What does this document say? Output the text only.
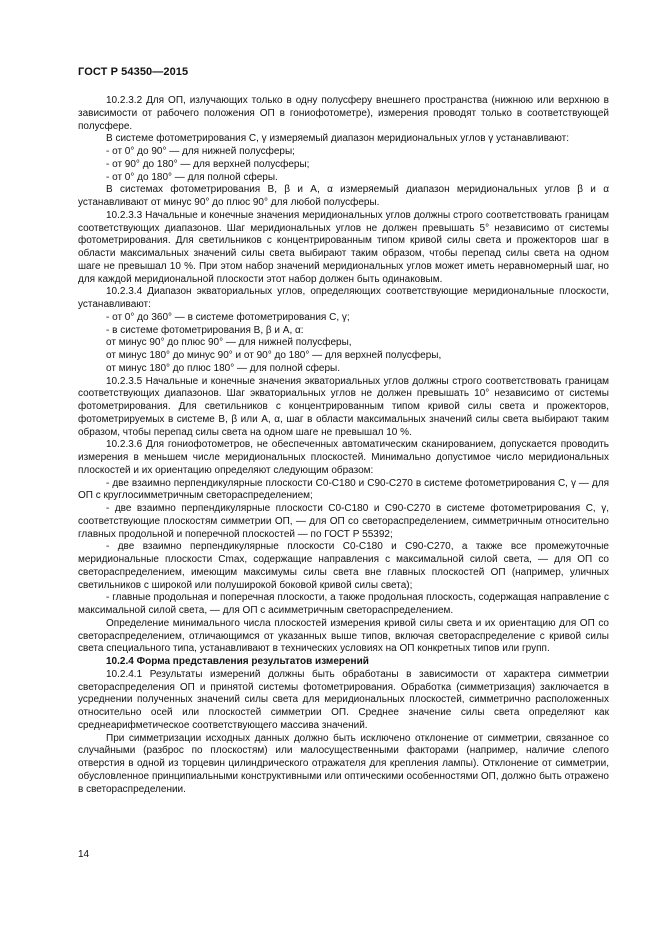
ГОСТ Р 54350—2015

10.2.3.2 Для ОП, излучающих только в одну полусферу внешнего пространства (нижнюю или верхнюю в зависимости от рабочего положения ОП в гониофотометре), измерения проводят только в соответствующей полусфере.

В системе фотометрирования C, γ измеряемый диапазон меридиональных углов γ устанавливают:

- от 0° до 90° — для нижней полусферы;

- от 90° до 180° — для верхней полусферы;

- от 0° до 180° — для полной сферы.

В системах фотометрирования B, β и A, α измеряемый диапазон меридиональных углов β и α устанавливают от минус 90° до плюс 90° для любой полусферы.

10.2.3.3 Начальные и конечные значения меридиональных углов должны строго соответствовать границам соответствующих диапазонов. Шаг меридиональных углов не должен превышать 5° независимо от системы фотометрирования. Для светильников с концентрированным типом кривой силы света и прожекторов шаг в области максимальных значений силы света выбирают таким образом, чтобы перепад силы света на одном шаге не превышал 10 %. При этом набор значений меридиональных углов может иметь неравномерный шаг, но для каждой меридиональной плоскости этот набор должен быть одинаковым.

10.2.3.4 Диапазон экваториальных углов, определяющих соответствующие меридиональные плоскости, устанавливают:

- от 0° до 360° — в системе фотометрирования C, γ;

- в системе фотометрирования B, β и A, α:

от минус 90° до плюс 90° — для нижней полусферы,

от минус 180° до минус 90° и от 90° до 180° — для верхней полусферы,

от минус 180° до плюс 180° — для полной сферы.

10.2.3.5 Начальные и конечные значения экваториальных углов должны строго соответствовать границам соответствующих диапазонов. Шаг экваториальных углов не должен превышать 10° независимо от системы фотометрирования. Для светильников с концентрированным типом кривой силы света и прожекторов, фотометрируемых в системе B, β или A, α, шаг в области максимальных значений силы света выбирают таким образом, чтобы перепад силы света на одном шаге не превышал 10 %.

10.2.3.6 Для гониофотометров, не обеспеченных автоматическим сканированием, допускается проводить измерения в меньшем числе меридиональных плоскостей. Минимально допустимое число меридиональных плоскостей и их ориентацию определяют следующим образом:

- две взаимно перпендикулярные плоскости C0-C180 и C90-C270 в системе фотометрирования C, γ — для ОП с круглосимметричным светораспределением;

- две взаимно перпендикулярные плоскости C0-C180 и C90-C270 в системе фотометрирования C, γ, соответствующие плоскостям симметрии ОП, — для ОП со светораспределением, симметричным относительно главных продольной и поперечной плоскостей — по ГОСТ Р 55392;

- две взаимно перпендикулярные плоскости C0-C180 и C90-C270, а также все промежуточные меридиональные плоскости Cmax, содержащие направления с максимальной силой света, — для ОП со светораспределением, имеющим максимумы силы света вне главных плоскостей ОП (например, уличных светильников с широкой или полуширокой боковой кривой силы света);

- главные продольная и поперечная плоскости, а также продольная плоскость, содержащая направление с максимальной силой света, — для ОП с асимметричным светораспределением.

Определение минимального числа плоскостей измерения кривой силы света и их ориентацию для ОП со светораспределением, отличающимся от указанных выше типов, включая светораспределение с кривой силы света специального типа, устанавливают в технических условиях на ОП конкретных типов или групп.

10.2.4 Форма представления результатов измерений

10.2.4.1 Результаты измерений должны быть обработаны в зависимости от характера симметрии светораспределения ОП и принятой системы фотометрирования. Обработка (симметризация) заключается в усреднении полученных значений силы света для меридиональных плоскостей, симметрично расположенных относительно осей или плоскостей симметрии ОП. Среднее значение силы света определяют как среднеарифметическое соответствующего массива значений.

При симметризации исходных данных должно быть исключено отклонение от симметрии, связанное со случайными (разброс по плоскостям) или малосущественными факторами (например, наличие слепого отверстия в одной из торцевин цилиндрического отражателя для крепления лампы). Отклонение от симметрии, обусловленное принципиальными конструктивными или оптическими особенностями ОП, должно быть отражено в светораспределении.

14
